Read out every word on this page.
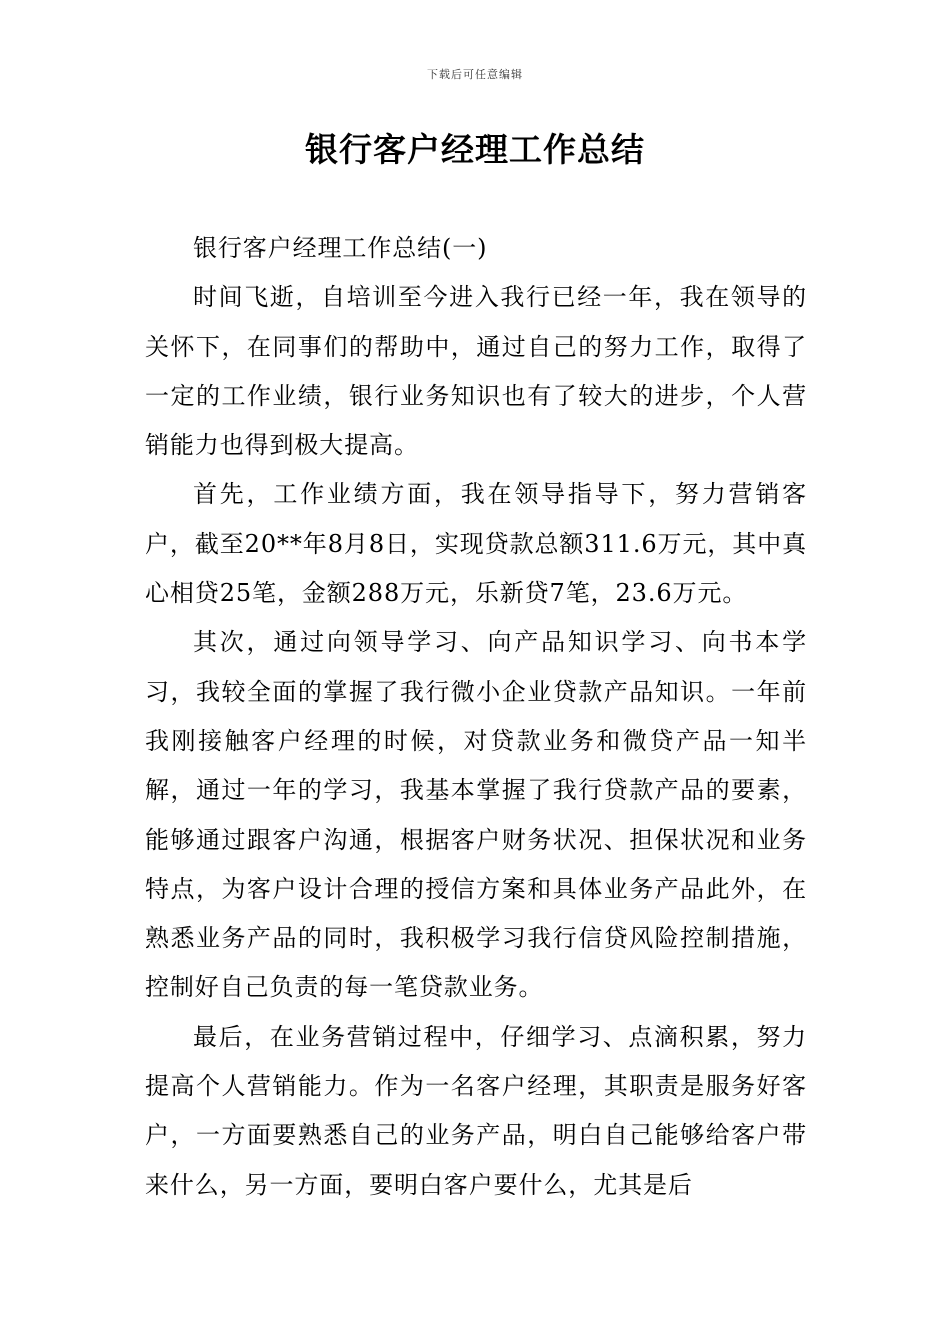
下载后可任意编辑
银行客户经理工作总结

银行客户经理工作总结(一)

时间飞逝，自培训至今进入我行已经一年，我在领导的关怀下，在同事们的帮助中，通过自己的努力工作，取得了一定的工作业绩，银行业务知识也有了较大的进步，个人营销能力也得到极大提高。

首先，工作业绩方面，我在领导指导下，努力营销客户，截至20**年8月8日，实现贷款总额311.6万元，其中真心相贷25笔，金额288万元，乐新贷7笔，23.6万元。

其次，通过向领导学习、向产品知识学习、向书本学习，我较全面的掌握了我行微小企业贷款产品知识。一年前我刚接触客户经理的时候，对贷款业务和微贷产品一知半解，通过一年的学习，我基本掌握了我行贷款产品的要素，能够通过跟客户沟通，根据客户财务状况、担保状况和业务特点，为客户设计合理的授信方案和具体业务产品此外，在熟悉业务产品的同时，我积极学习我行信贷风险控制措施，控制好自己负责的每一笔贷款业务。

最后，在业务营销过程中，仔细学习、点滴积累，努力提高个人营销能力。作为一名客户经理，其职责是服务好客户，一方面要熟悉自己的业务产品，明白自己能够给客户带来什么，另一方面，要明白客户要什么，尤其是后
